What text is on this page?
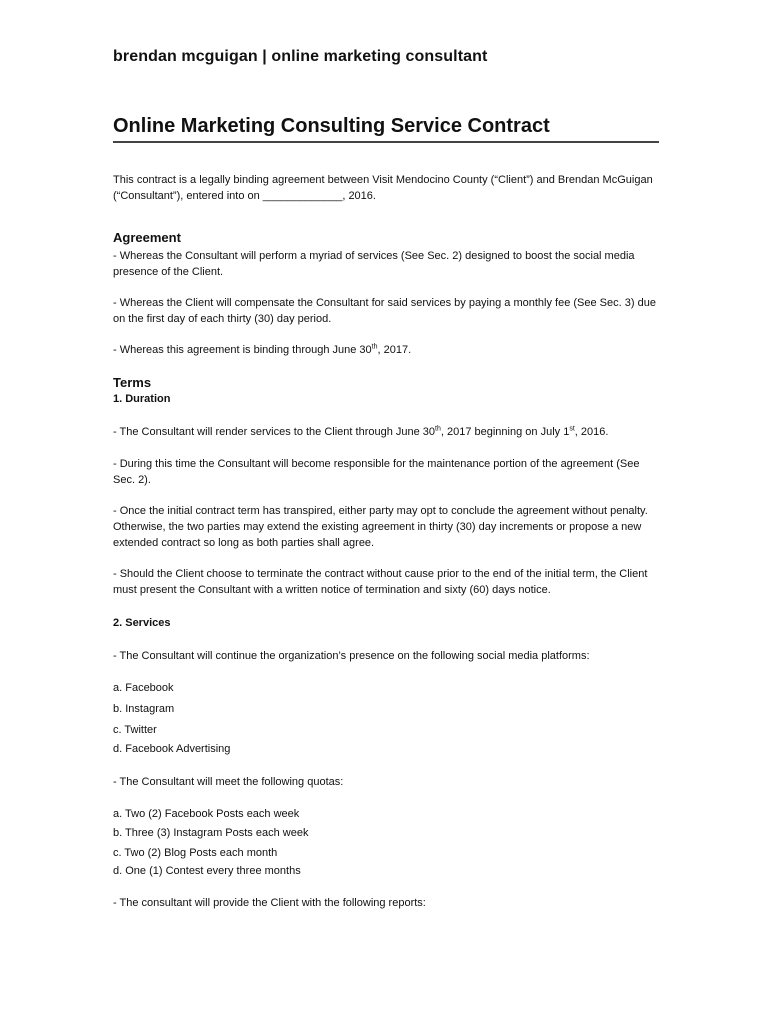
brendan mcguigan | online marketing consultant
Online Marketing Consulting Service Contract
This contract is a legally binding agreement between Visit Mendocino County (“Client”) and Brendan McGuigan (“Consultant”), entered into on _____________, 2016.
Agreement
- Whereas the Consultant will perform a myriad of services (See Sec. 2) designed to boost the social media presence of the Client.
- Whereas the Client will compensate the Consultant for said services by paying a monthly fee (See Sec. 3) due on the first day of each thirty (30) day period.
- Whereas this agreement is binding through June 30th, 2017.
Terms
1. Duration
- The Consultant will render services to the Client through June 30th, 2017 beginning on July 1st, 2016.
- During this time the Consultant will become responsible for the maintenance portion of the agreement (See Sec. 2).
- Once the initial contract term has transpired, either party may opt to conclude the agreement without penalty. Otherwise, the two parties may extend the existing agreement in thirty (30) day increments or propose a new extended contract so long as both parties shall agree.
- Should the Client choose to terminate the contract without cause prior to the end of the initial term, the Client must present the Consultant with a written notice of termination and sixty (60) days notice.
2. Services
- The Consultant will continue the organization’s presence on the following social media platforms:
a. Facebook
b. Instagram
c. Twitter
d. Facebook Advertising
- The Consultant will meet the following quotas:
a. Two (2) Facebook Posts each week
b. Three (3) Instagram Posts each week
c. Two (2) Blog Posts each month
d. One (1) Contest every three months
- The consultant will provide the Client with the following reports:
